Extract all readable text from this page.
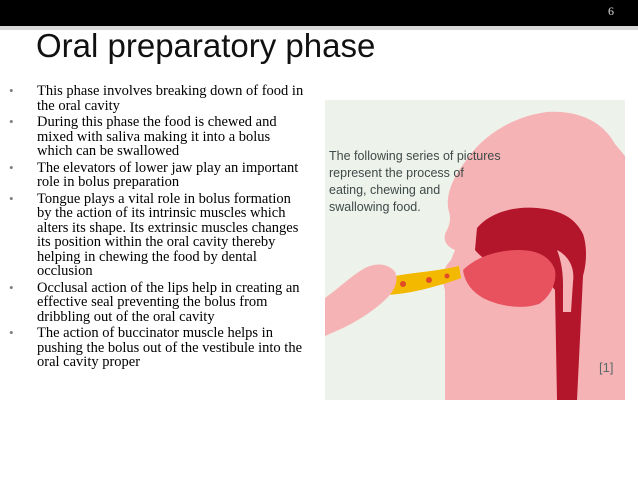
6
Oral preparatory phase
• This phase involves breaking down of food in the oral cavity
• During this phase the food is chewed and mixed with saliva making it into a bolus which can be swallowed
• The elevators of lower jaw play an important role in bolus preparation
• Tongue plays a vital role in bolus formation by the action of its intrinsic muscles which alters its shape. Its extrinsic muscles changes its position within the oral cavity thereby helping in chewing the food by dental occlusion
• Occlusal action of the lips help in creating an effective seal preventing the bolus from dribbling out of the oral cavity
• The action of buccinator muscle helps in pushing the bolus out of the vestibule into the oral cavity proper
The following series of pictures
represent the process of
eating, chewing and
swallowing food.
[1]
